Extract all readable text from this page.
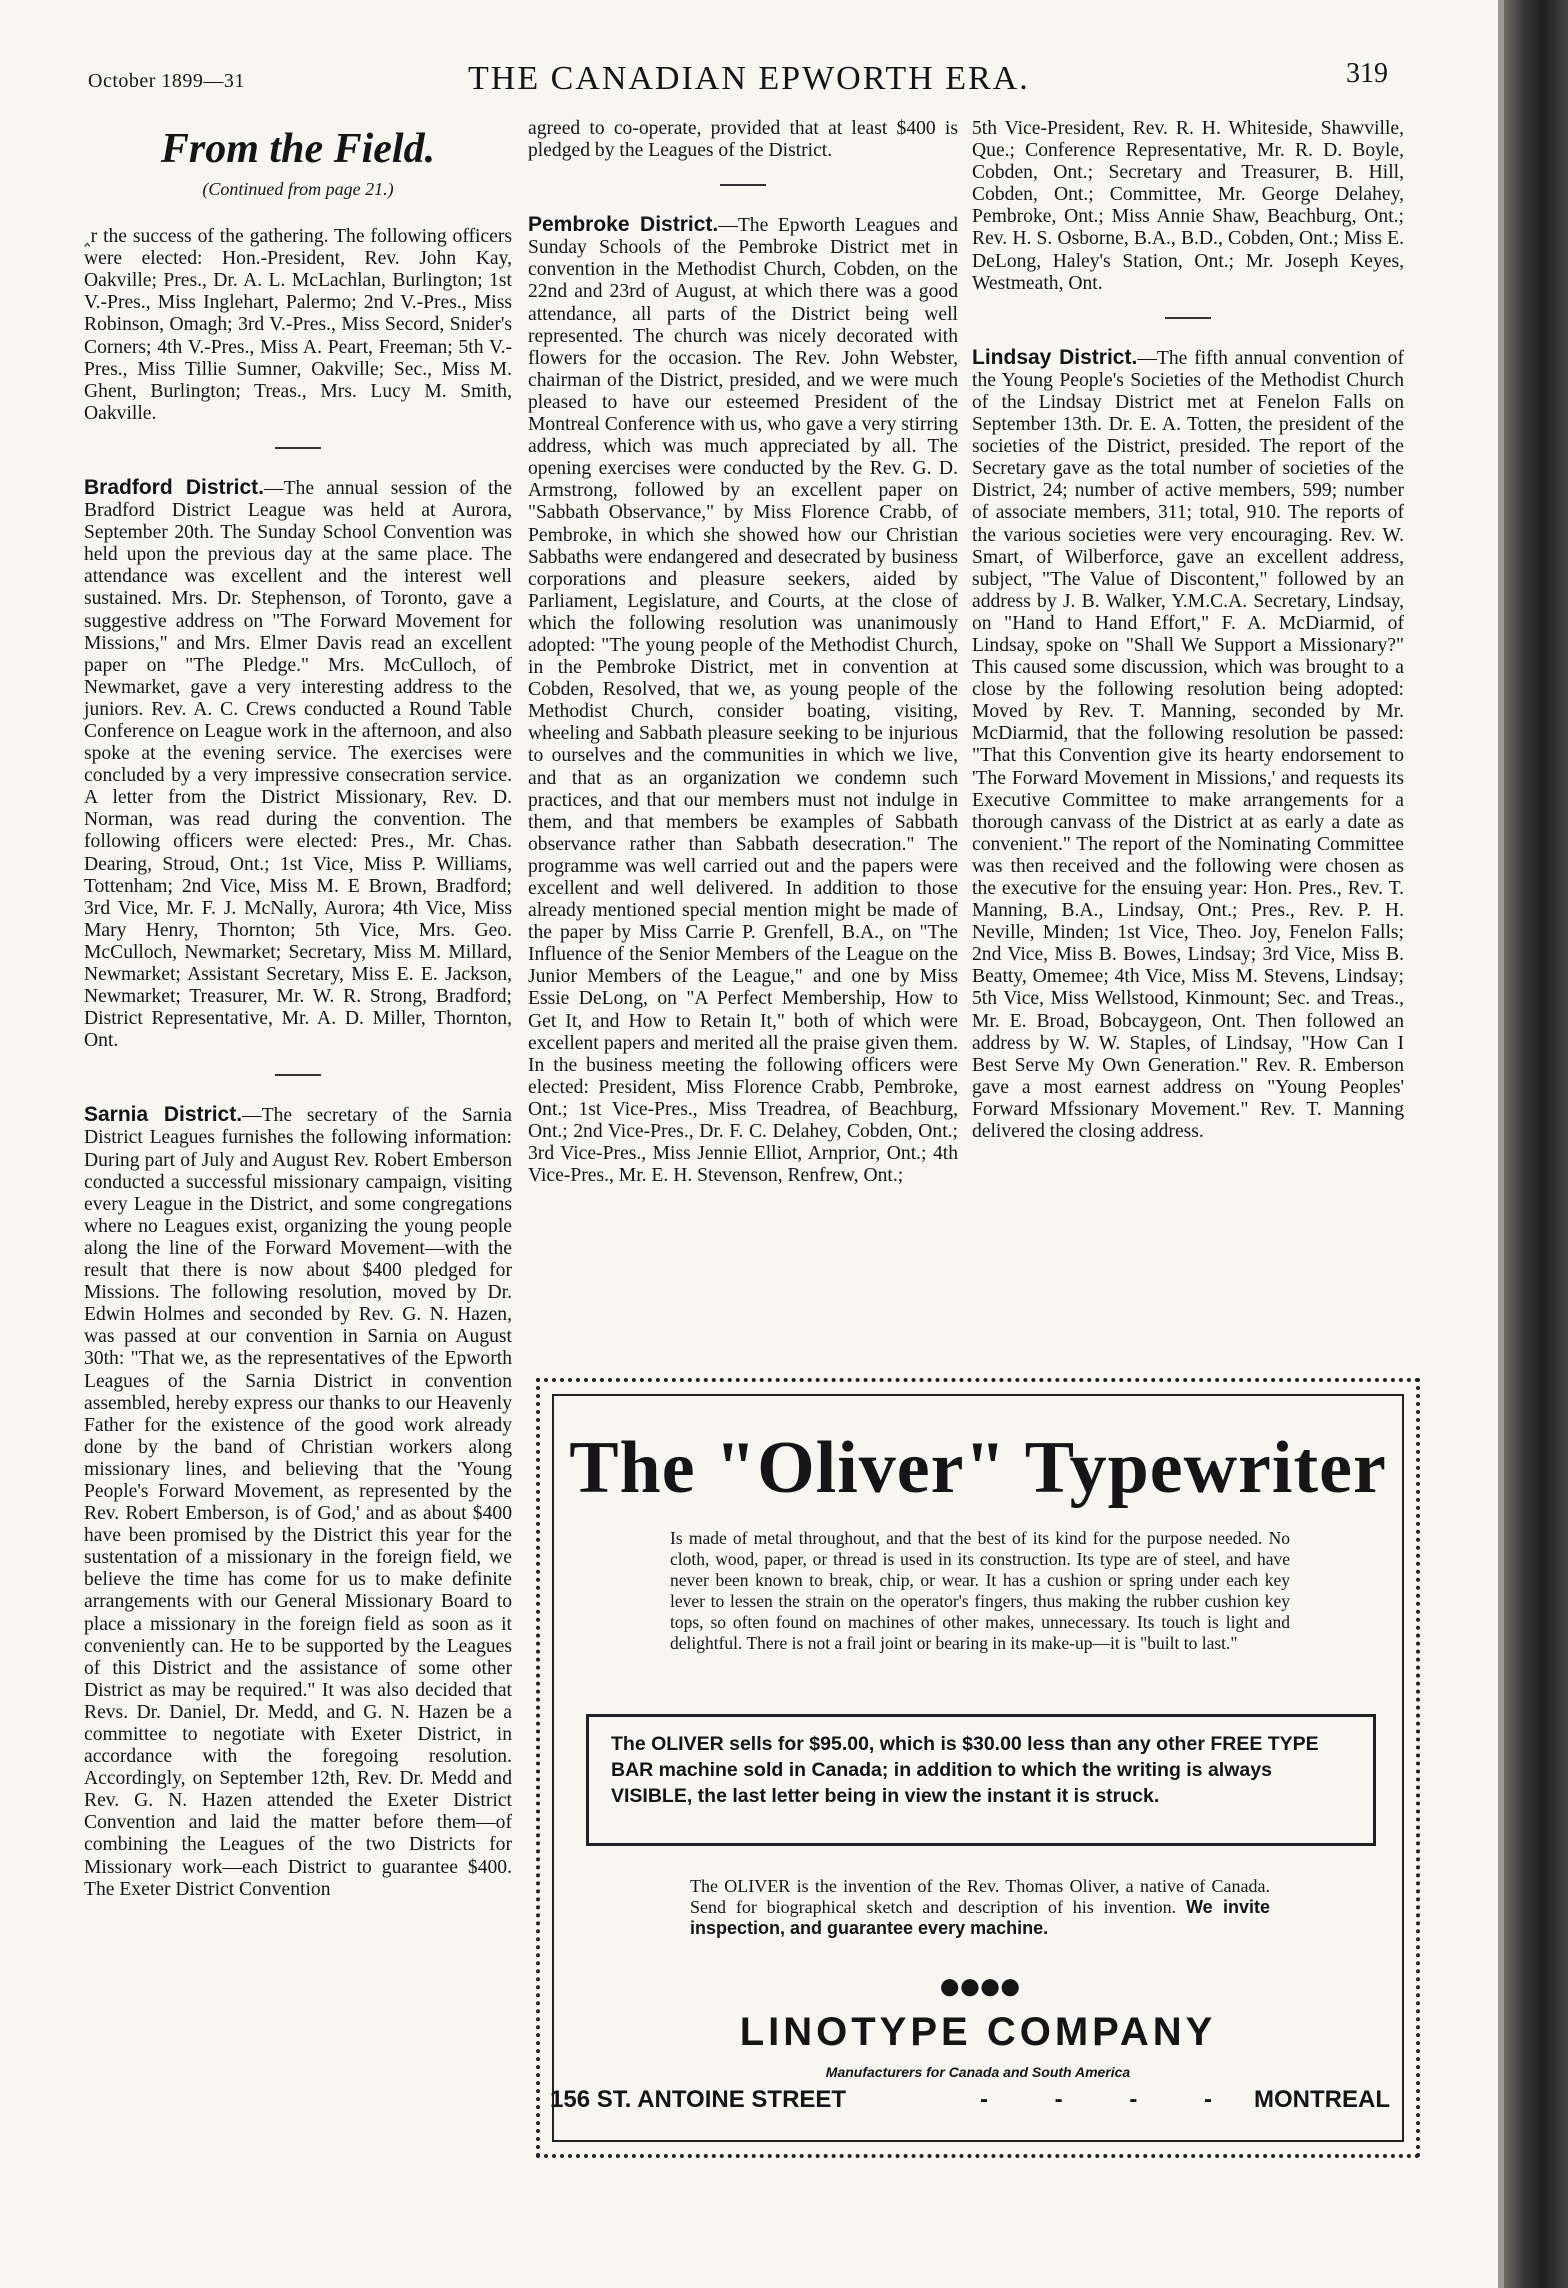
October 1899—31	THE CANADIAN EPWORTH ERA.	319
From the Field.
(Continued from page 21.)

‸r the success of the gathering. The following officers were elected: Hon.-President, Rev. John Kay, Oakville; Pres., Dr. A. L. McLachlan, Burlington; 1st V.-Pres., Miss Inglehart, Palermo; 2nd V.-Pres., Miss Robinson, Omagh; 3rd V.-Pres., Miss Secord, Snider's Corners; 4th V.-Pres., Miss A. Peart, Freeman; 5th V.-Pres., Miss Tillie Sumner, Oakville; Sec., Miss M. Ghent, Burlington; Treas., Mrs. Lucy M. Smith, Oakville.

Bradford District.—The annual session of the Bradford District League was held at Aurora, September 20th. The Sunday School Convention was held upon the previous day at the same place. The attendance was excellent and the interest well sustained. Mrs. Dr. Stephenson, of Toronto, gave a suggestive address on "The Forward Movement for Missions," and Mrs. Elmer Davis read an excellent paper on "The Pledge." Mrs. McCulloch, of Newmarket, gave a very interesting address to the juniors. Rev. A. C. Crews conducted a Round Table Conference on League work in the afternoon, and also spoke at the evening service. The exercises were concluded by a very impressive consecration service. A letter from the District Missionary, Rev. D. Norman, was read during the convention. The following officers were elected: Pres., Mr. Chas. Dearing, Stroud, Ont.; 1st Vice, Miss P. Williams, Tottenham; 2nd Vice, Miss M. E Brown, Bradford; 3rd Vice, Mr. F. J. McNally, Aurora; 4th Vice, Miss Mary Henry, Thornton; 5th Vice, Mrs. Geo. McCulloch, Newmarket; Secretary, Miss M. Millard, Newmarket; Assistant Secretary, Miss E. E. Jackson, Newmarket; Treasurer, Mr. W. R. Strong, Bradford; District Representative, Mr. A. D. Miller, Thornton, Ont.

Sarnia District.—The secretary of the Sarnia District Leagues furnishes the following information: During part of July and August Rev. Robert Emberson conducted a successful missionary campaign, visiting every League in the District, and some congregations where no Leagues exist, organizing the young people along the line of the Forward Movement—with the result that there is now about $400 pledged for Missions. The following resolution, moved by Dr. Edwin Holmes and seconded by Rev. G. N. Hazen, was passed at our convention in Sarnia on August 30th: "That we, as the representatives of the Epworth Leagues of the Sarnia District in convention assembled, hereby express our thanks to our Heavenly Father for the existence of the good work already done by the band of Christian workers along missionary lines, and believing that the 'Young People's Forward Movement, as represented by the Rev. Robert Emberson, is of God,' and as about $400 have been promised by the District this year for the sustentation of a missionary in the foreign field, we believe the time has come for us to make definite arrangements with our General Missionary Board to place a missionary in the foreign field as soon as it conveniently can. He to be supported by the Leagues of this District and the assistance of some other District as may be required." It was also decided that Revs. Dr. Daniel, Dr. Medd, and G. N. Hazen be a committee to negotiate with Exeter District, in accordance with the foregoing resolution. Accordingly, on September 12th, Rev. Dr. Medd and Rev. G. N. Hazen attended the Exeter District Convention and laid the matter before them—of combining the Leagues of the two Districts for Missionary work—each District to guarantee $400. The Exeter District Convention

agreed to co-operate, provided that at least $400 is pledged by the Leagues of the District.

Pembroke District.—The Epworth Leagues and Sunday Schools of the Pembroke District met in convention in the Methodist Church, Cobden, on the 22nd and 23rd of August, at which there was a good attendance, all parts of the District being well represented. The church was nicely decorated with flowers for the occasion. The Rev. John Webster, chairman of the District, presided, and we were much pleased to have our esteemed President of the Montreal Conference with us, who gave a very stirring address, which was much appreciated by all. The opening exercises were conducted by the Rev. G. D. Armstrong, followed by an excellent paper on "Sabbath Observance," by Miss Florence Crabb, of Pembroke, in which she showed how our Christian Sabbaths were endangered and desecrated by business corporations and pleasure seekers, aided by Parliament, Legislature, and Courts, at the close of which the following resolution was unanimously adopted: "The young people of the Methodist Church, in the Pembroke District, met in convention at Cobden, Resolved, that we, as young people of the Methodist Church, consider boating, visiting, wheeling and Sabbath pleasure seeking to be injurious to ourselves and the communities in which we live, and that as an organization we condemn such practices, and that our members must not indulge in them, and that members be examples of Sabbath observance rather than Sabbath desecration." The programme was well carried out and the papers were excellent and well delivered. In addition to those already mentioned special mention might be made of the paper by Miss Carrie P. Grenfell, B.A., on "The Influence of the Senior Members of the League on the Junior Members of the League," and one by Miss Essie DeLong, on "A Perfect Membership, How to Get It, and How to Retain It," both of which were excellent papers and merited all the praise given them. In the business meeting the following officers were elected: President, Miss Florence Crabb, Pembroke, Ont.; 1st Vice-Pres., Miss Treadrea, of Beachburg, Ont.; 2nd Vice-Pres., Dr. F. C. Delahey, Cobden, Ont.; 3rd Vice-Pres., Miss Jennie Elliot, Arnprior, Ont.; 4th Vice-Pres., Mr. E. H. Stevenson, Renfrew, Ont.;

5th Vice-President, Rev. R. H. Whiteside, Shawville, Que.; Conference Representative, Mr. R. D. Boyle, Cobden, Ont.; Secretary and Treasurer, B. Hill, Cobden, Ont.; Committee, Mr. George Delahey, Pembroke, Ont.; Miss Annie Shaw, Beachburg, Ont.; Rev. H. S. Osborne, B.A., B.D., Cobden, Ont.; Miss E. DeLong, Haley's Station, Ont.; Mr. Joseph Keyes, Westmeath, Ont.

Lindsay District.—The fifth annual convention of the Young People's Societies of the Methodist Church of the Lindsay District met at Fenelon Falls on September 13th. Dr. E. A. Totten, the president of the societies of the District, presided. The report of the Secretary gave as the total number of societies of the District, 24; number of active members, 599; number of associate members, 311; total, 910. The reports of the various societies were very encouraging. Rev. W. Smart, of Wilberforce, gave an excellent address, subject, "The Value of Discontent," followed by an address by J. B. Walker, Y.M.C.A. Secretary, Lindsay, on "Hand to Hand Effort," F. A. McDiarmid, of Lindsay, spoke on "Shall We Support a Missionary?" This caused some discussion, which was brought to a close by the following resolution being adopted: Moved by Rev. T. Manning, seconded by Mr. McDiarmid, that the following resolution be passed: "That this Convention give its hearty endorsement to 'The Forward Movement in Missions,' and requests its Executive Committee to make arrangements for a thorough canvass of the District at as early a date as convenient." The report of the Nominating Committee was then received and the following were chosen as the executive for the ensuing year: Hon. Pres., Rev. T. Manning, B.A., Lindsay, Ont.; Pres., Rev. P. H. Neville, Minden; 1st Vice, Theo. Joy, Fenelon Falls; 2nd Vice, Miss B. Bowes, Lindsay; 3rd Vice, Miss B. Beatty, Omemee; 4th Vice, Miss M. Stevens, Lindsay; 5th Vice, Miss Wellstood, Kinmount; Sec. and Treas., Mr. E. Broad, Bobcaygeon, Ont. Then followed an address by W. W. Staples, of Lindsay, "How Can I Best Serve My Own Generation." Rev. R. Emberson gave a most earnest address on "Young Peoples' Forward Mfssionary Movement." Rev. T. Manning delivered the closing address.

The "Oliver" Typewriter
Is made of metal throughout, and that the best of its kind for the purpose needed. No cloth, wood, paper, or thread is used in its construction. Its type are of steel, and have never been known to break, chip, or wear. It has a cushion or spring under each key lever to lessen the strain on the operator's fingers, thus making the rubber cushion key tops, so often found on machines of other makes, unnecessary. Its touch is light and delightful. There is not a frail joint or bearing in its make-up—it is "built to last."
The OLIVER sells for $95.00, which is $30.00 less than any other FREE TYPE BAR machine sold in Canada; in addition to which the writing is always VISIBLE, the last letter being in view the instant it is struck.
The OLIVER is the invention of the Rev. Thomas Oliver, a native of Canada. Send for biographical sketch and description of his invention. We invite inspection, and guarantee every machine.
●●●●
LINOTYPE COMPANY
Manufacturers for Canada and South America
156 ST. ANTOINE STREET	- - - - MONTREAL
